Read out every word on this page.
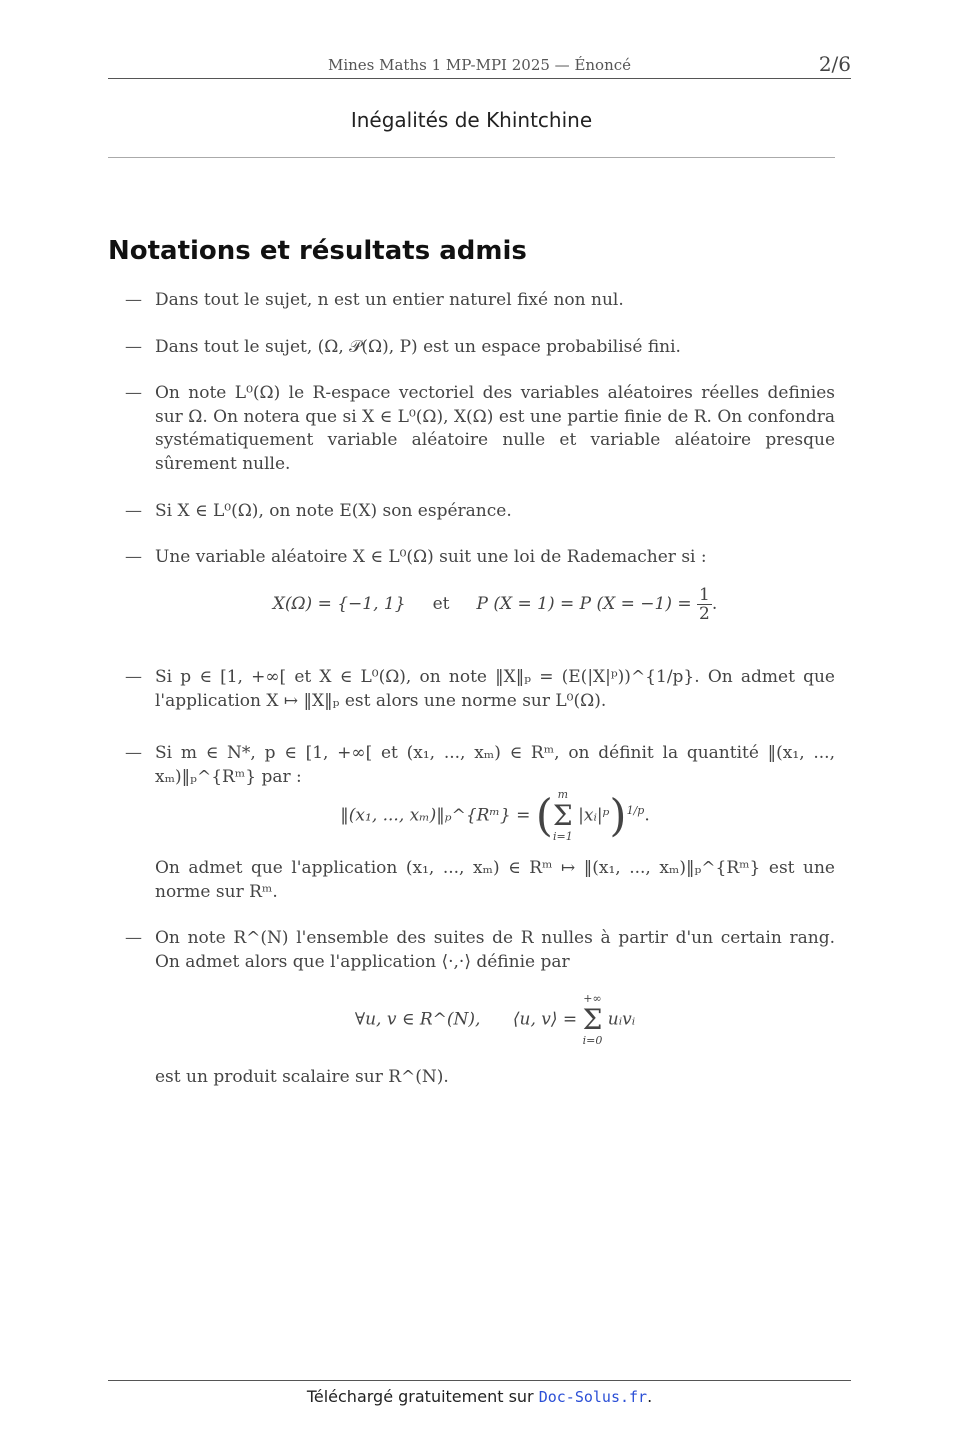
Mines Maths 1 MP-MPI 2025 — Énoncé	2/6
Inégalités de Khintchine
Notations et résultats admis
— Dans tout le sujet, n est un entier naturel fixé non nul.
— Dans tout le sujet, (Ω, 𝒫(Ω), P) est un espace probabilisé fini.
— On note L⁰(Ω) le R-espace vectoriel des variables aléatoires réelles definies sur Ω. On notera que si X ∈ L⁰(Ω), X(Ω) est une partie finie de R. On confondra systématiquement variable aléatoire nulle et variable aléatoire presque sûrement nulle.
— Si X ∈ L⁰(Ω), on note E(X) son espérance.
— Une variable aléatoire X ∈ L⁰(Ω) suit une loi de Rademacher si :
X(Ω) = {−1, 1} et P (X = 1) = P $(X = -1) = \frac{1}{2}$ .
— Si p ∈ [1, +∞[ et X ∈ L⁰(Ω), on note ‖X‖ₚ = (E(|X|ᵖ))^{1/p}. On admet que l'application X ↦ ‖X‖ₚ est alors une norme sur L⁰(Ω).
— Si m ∈ N*, p ∈ [1, +∞[ et (x₁, ..., xₘ) ∈ Rᵐ, on définit la quantité ‖(x₁, ..., xₘ)‖ₚ^{Rᵐ} par :
‖(x₁, ..., xₘ)‖ₚ^{Rᵐ} = ( m
Σ
i=1
|xᵢ|ᵖ)$^{1/p}$.
On admet que l'application (x₁, ..., xₘ) ∈ Rᵐ ↦ ‖(x₁, ..., xₘ)‖ₚ^{Rᵐ} est une norme sur Rᵐ.
— On note R^(N) l'ensemble des suites de R nulles à partir d'un certain rang. On admet alors que l'application ⟨·,·⟩ définie par
∀u, v ∈ R^(N), ⟨u, v⟩ =
+∞
Σ
i=0
uᵢvᵢ
est un produit scalaire sur R^(N).
Téléchargé gratuitement sur Doc-Solus.fr.
